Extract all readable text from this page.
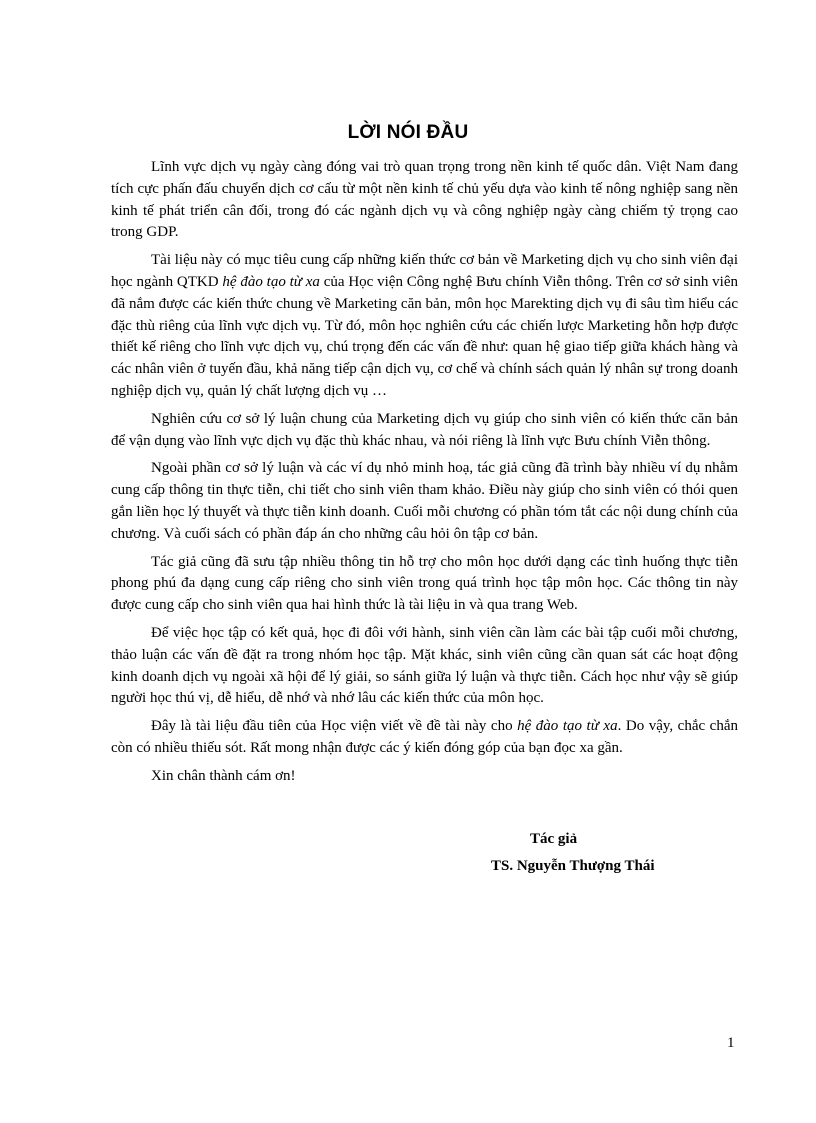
LỜI NÓI ĐẦU

Lĩnh vực dịch vụ ngày càng đóng vai trò quan trọng trong nền kinh tế quốc dân. Việt Nam đang tích cực phấn đấu chuyển dịch cơ cấu từ một nền kinh tế chủ yếu dựa vào kinh tế nông nghiệp sang nền kinh tế phát triển cân đối, trong đó các ngành dịch vụ và công nghiệp ngày càng chiếm tỷ trọng cao trong GDP.

Tài liệu này có mục tiêu cung cấp những kiến thức cơ bản về Marketing dịch vụ cho sinh viên đại học ngành QTKD hệ đào tạo từ xa của Học viện Công nghệ Bưu chính Viễn thông. Trên cơ sở sinh viên đã nắm được các kiến thức chung về Marketing căn bản, môn học Marekting dịch vụ đi sâu tìm hiểu các đặc thù riêng của lĩnh vực dịch vụ. Từ đó, môn học nghiên cứu các chiến lược Marketing hỗn hợp được thiết kế riêng cho lĩnh vực dịch vụ, chú trọng đến các vấn đề như: quan hệ giao tiếp giữa khách hàng và các nhân viên ở tuyến đầu, khả năng tiếp cận dịch vụ, cơ chế và chính sách quản lý nhân sự trong doanh nghiệp dịch vụ, quản lý chất lượng dịch vụ …

Nghiên cứu cơ sở lý luận chung của Marketing dịch vụ giúp cho sinh viên có kiến thức căn bản để vận dụng vào lĩnh vực dịch vụ đặc thù khác nhau, và nói riêng là lĩnh vực Bưu chính Viễn thông.

Ngoài phần cơ sở lý luận và các ví dụ nhỏ minh hoạ, tác giả cũng đã trình bày nhiều ví dụ nhằm cung cấp thông tin thực tiễn, chi tiết cho sinh viên tham khảo. Điều này giúp cho sinh viên có thói quen gắn liền học lý thuyết và thực tiễn kinh doanh. Cuối mỗi chương có phần tóm tắt các nội dung chính của chương. Và cuối sách có phần đáp án cho những câu hỏi ôn tập cơ bản.

Tác giả cũng đã sưu tập nhiều thông tin hỗ trợ cho môn học dưới dạng các tình huống thực tiễn phong phú đa dạng cung cấp riêng cho sinh viên trong quá trình học tập môn học. Các thông tin này được cung cấp cho sinh viên qua hai hình thức là tài liệu in và qua trang Web.

Để việc học tập có kết quả, học đi đôi với hành, sinh viên cần làm các bài tập cuối mỗi chương, thảo luận các vấn đề đặt ra trong nhóm học tập. Mặt khác, sinh viên cũng cần quan sát các hoạt động kinh doanh dịch vụ ngoài xã hội để lý giải, so sánh giữa lý luận và thực tiễn. Cách học như vậy sẽ giúp người học thú vị, dễ hiểu, dễ nhớ và nhớ lâu các kiến thức của môn học.

Đây là tài liệu đầu tiên của Học viện viết về đề tài này cho hệ đào tạo từ xa. Do vậy, chắc chắn còn có nhiều thiếu sót. Rất mong nhận được các ý kiến đóng góp của bạn đọc xa gần.

Xin chân thành cám ơn!

Tác giả
TS. Nguyễn Thượng Thái
1
